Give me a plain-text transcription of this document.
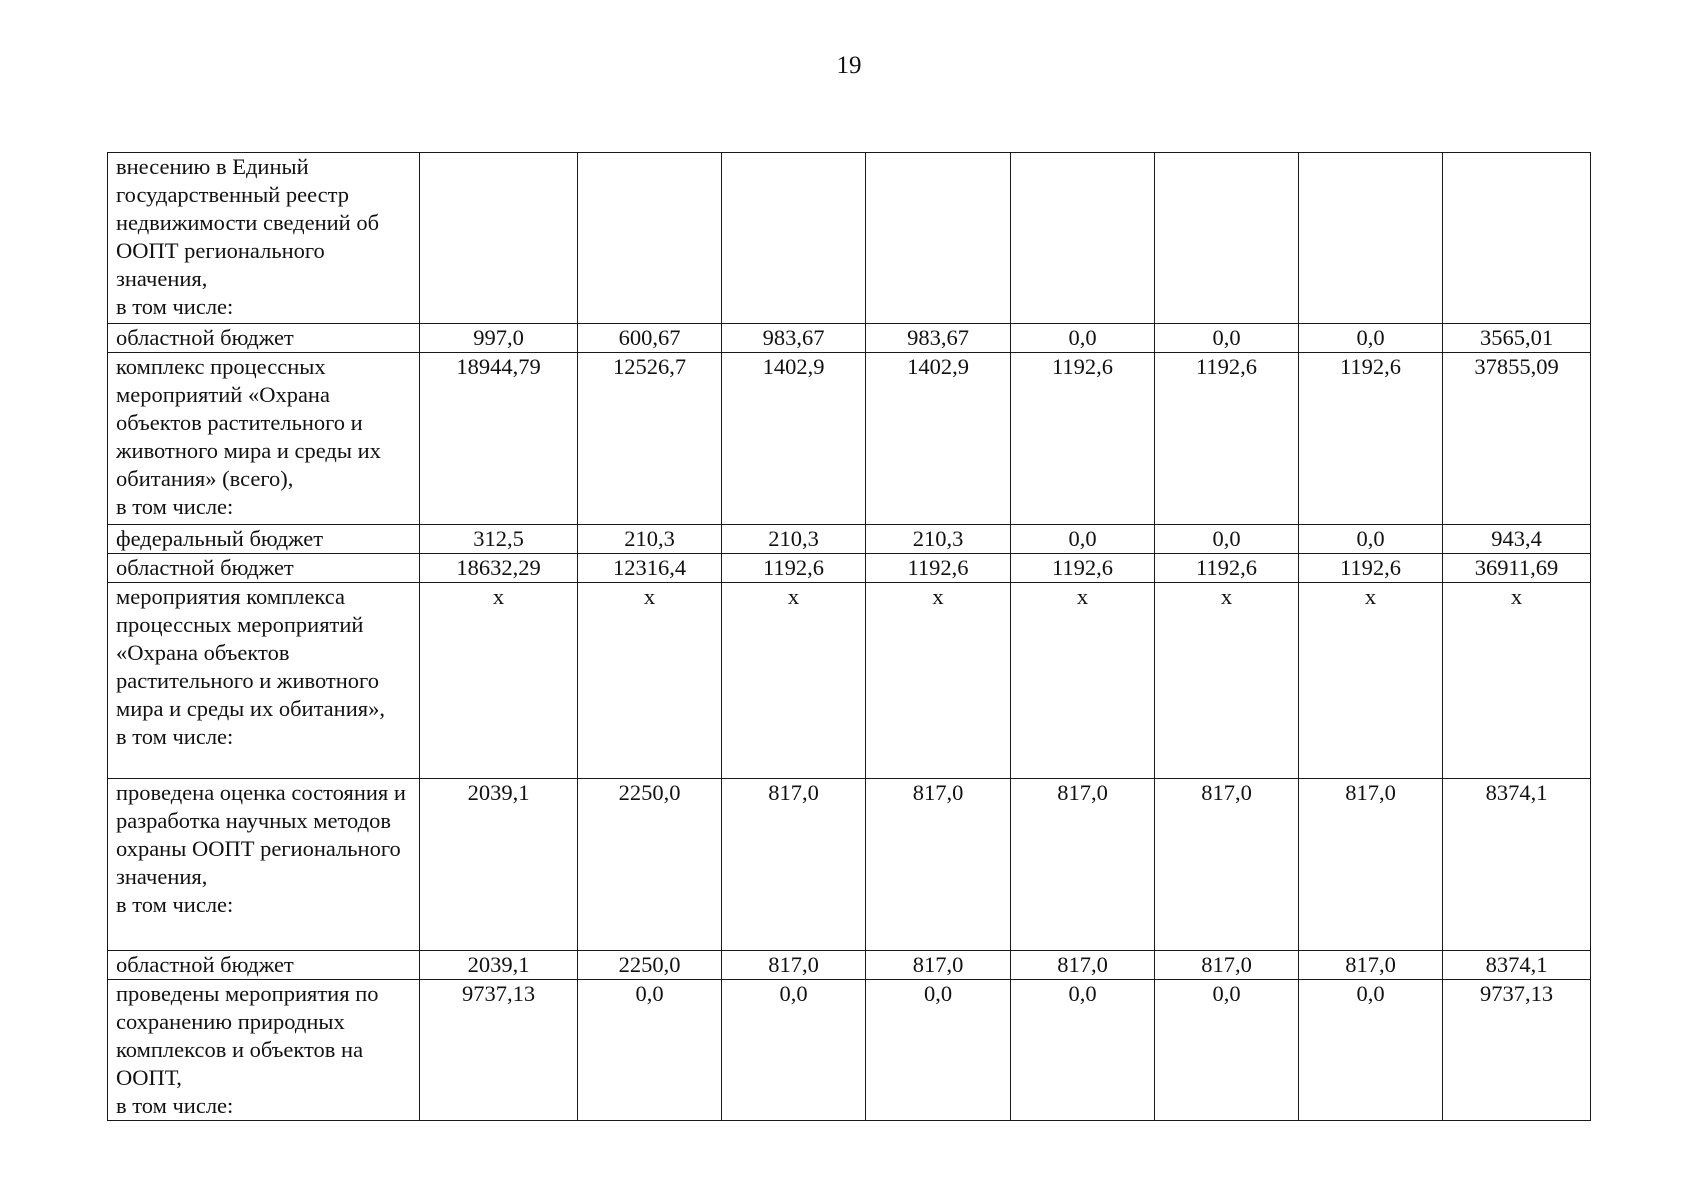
19
внесению в Единый государственный реестр недвижимости сведений об ООПТ регионального значения,
в том числе:								
областной бюджет	997,0	600,67	983,67	983,67	0,0	0,0	0,0	3565,01
комплекс процессных мероприятий «Охрана объектов растительного и животного мира и среды их обитания» (всего),
в том числе:	18944,79	12526,7	1402,9	1402,9	1192,6	1192,6	1192,6	37855,09
федеральный бюджет	312,5	210,3	210,3	210,3	0,0	0,0	0,0	943,4
областной бюджет	18632,29	12316,4	1192,6	1192,6	1192,6	1192,6	1192,6	36911,69
мероприятия комплекса процессных мероприятий «Охрана объектов растительного и животного мира и среды их обитания»,
в том числе:	x	x	x	x	x	x	x	x
проведена оценка состояния и разработка научных методов охраны ООПТ регионального значения,
в том числе:	2039,1	2250,0	817,0	817,0	817,0	817,0	817,0	8374,1
областной бюджет	2039,1	2250,0	817,0	817,0	817,0	817,0	817,0	8374,1
проведены мероприятия по сохранению природных комплексов и объектов на ООПТ,
в том числе:	9737,13	0,0	0,0	0,0	0,0	0,0	0,0	9737,13
